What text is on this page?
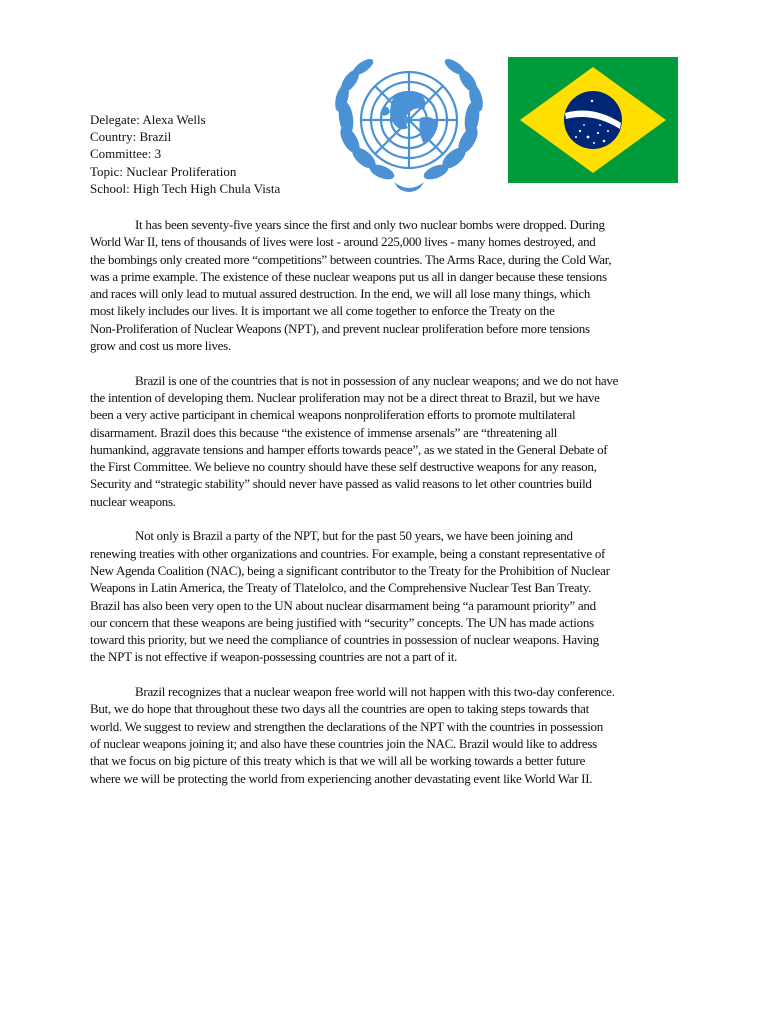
Delegate: Alexa Wells
Country: Brazil
Committee: 3
Topic: Nuclear Proliferation
School: High Tech High Chula Vista
It has been seventy-five years since the first and only two nuclear bombs were dropped. During
World War II, tens of thousands of lives were lost - around 225,000 lives - many homes destroyed, and
the bombings only created more “competitions” between countries. The Arms Race, during the Cold War,
was a prime example. The existence of these nuclear weapons put us all in danger because these tensions
and races will only lead to mutual assured destruction. In the end, we will all lose many things, which
most likely includes our lives. It is important we all come together to enforce the Treaty on the
Non-Proliferation of Nuclear Weapons (NPT), and prevent nuclear proliferation before more tensions
grow and cost us more lives.
Brazil is one of the countries that is not in possession of any nuclear weapons; and we do not have
the intention of developing them. Nuclear proliferation may not be a direct threat to Brazil, but we have
been a very active participant in chemical weapons nonproliferation efforts to promote multilateral
disarmament. Brazil does this because “the existence of immense arsenals” are “threatening all
humankind, aggravate tensions and hamper efforts towards peace”, as we stated in the General Debate of
the First Committee. We believe no country should have these self destructive weapons for any reason,
Security and “strategic stability” should never have passed as valid reasons to let other countries build
nuclear weapons.
Not only is Brazil a party of the NPT, but for the past 50 years, we have been joining and
renewing treaties with other organizations and countries. For example, being a constant representative of
New Agenda Coalition (NAC), being a significant contributor to the Treaty for the Prohibition of Nuclear
Weapons in Latin America, the Treaty of Tlatelolco, and the Comprehensive Nuclear Test Ban Treaty.
Brazil has also been very open to the UN about nuclear disarmament being “a paramount priority” and
our concern that these weapons are being justified with “security” concepts. The UN has made actions
toward this priority, but we need the compliance of countries in possession of nuclear weapons. Having
the NPT is not effective if weapon-possessing countries are not a part of it.
Brazil recognizes that a nuclear weapon free world will not happen with this two-day conference.
But, we do hope that throughout these two days all the countries are open to taking steps towards that
world. We suggest to review and strengthen the declarations of the NPT with the countries in possession
of nuclear weapons joining it; and also have these countries join the NAC. Brazil would like to address
that we focus on big picture of this treaty which is that we will all be working towards a better future
where we will be protecting the world from experiencing another devastating event like World War II.
